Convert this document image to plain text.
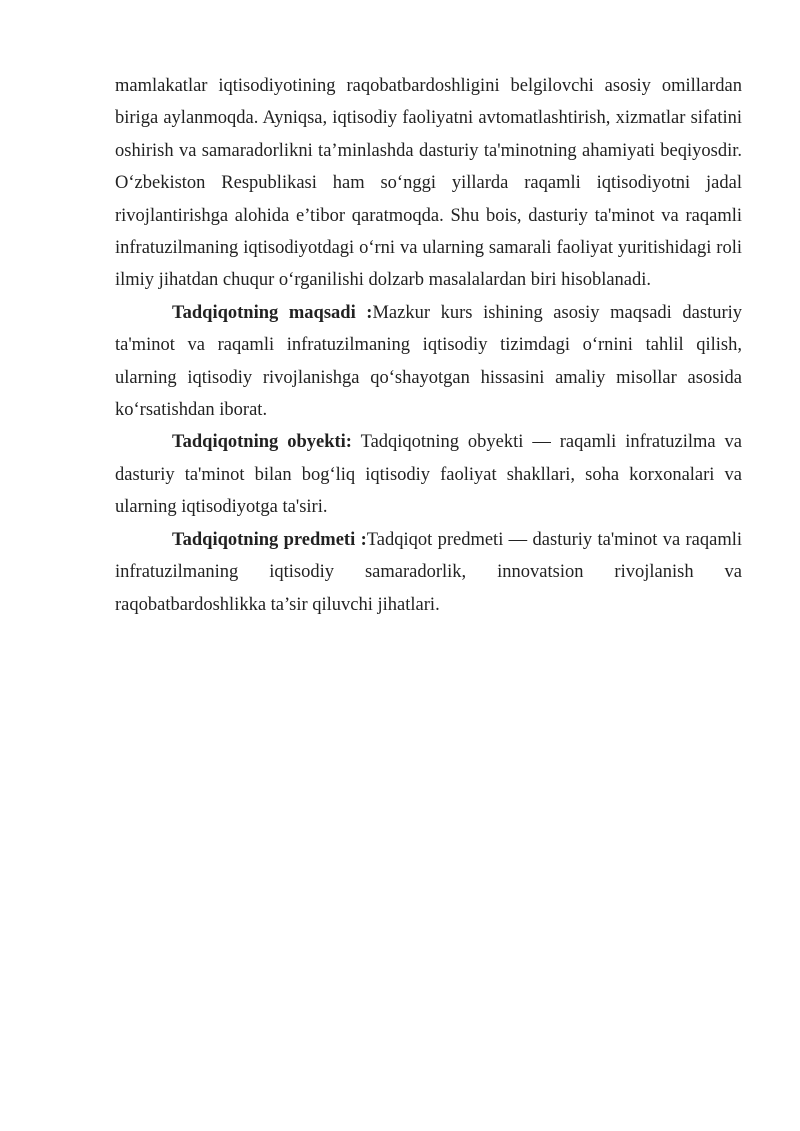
mamlakatlar iqtisodiyotining raqobatbardoshligini belgilovchi asosiy omillardan biriga aylanmoqda. Ayniqsa, iqtisodiy faoliyatni avtomatlashtirish, xizmatlar sifatini oshirish va samaradorlikni ta’minlashda dasturiy ta'minotning ahamiyati beqiyosdir. O‘zbekiston Respublikasi ham so‘nggi yillarda raqamli iqtisodiyotni jadal rivojlantirishga alohida e’tibor qaratmoqda. Shu bois, dasturiy ta'minot va raqamli infratuzilmaning iqtisodiyotdagi o‘rni va ularning samarali faoliyat yuritishidagi roli ilmiy jihatdan chuqur o‘rganilishi dolzarb masalalardan biri hisoblanadi.

Tadqiqotning maqsadi :Mazkur kurs ishining asosiy maqsadi dasturiy ta'minot va raqamli infratuzilmaning iqtisodiy tizimdagi o‘rnini tahlil qilish, ularning iqtisodiy rivojlanishga qo‘shayotgan hissasini amaliy misollar asosida ko‘rsatishdan iborat.

Tadqiqotning obyekti: Tadqiqotning obyekti — raqamli infratuzilma va dasturiy ta'minot bilan bog‘liq iqtisodiy faoliyat shakllari, soha korxonalari va ularning iqtisodiyotga ta'siri.

Tadqiqotning predmeti :Tadqiqot predmeti — dasturiy ta'minot va raqamli infratuzilmaning iqtisodiy samaradorlik, innovatsion rivojlanish va raqobatbardoshlikka ta’sir qiluvchi jihatlari.
